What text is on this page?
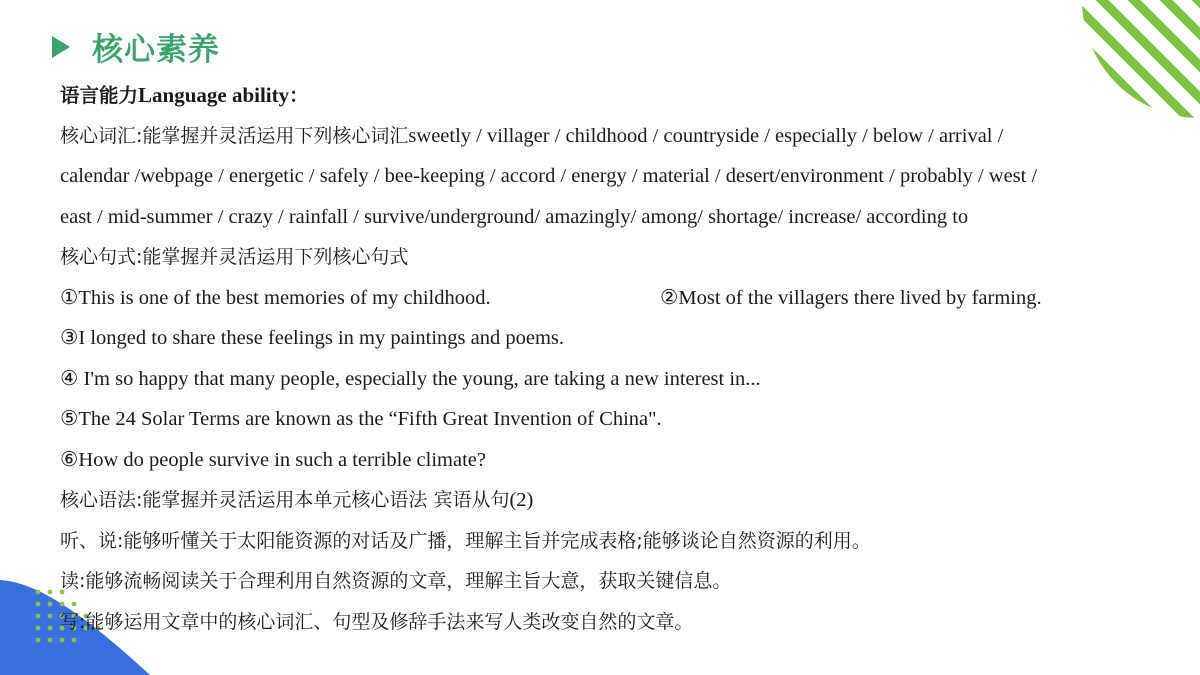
核心素养
语言能力Language ability：
核心词汇:能掌握并灵活运用下列核心词汇sweetly / villager / childhood / countryside / especially / below / arrival /
calendar /webpage / energetic / safely / bee-keeping / accord / energy / material / desert/environment / probably / west /
east / mid-summer / crazy / rainfall / survive/underground/ amazingly/ among/ shortage/ increase/ according to
核心句式:能掌握并灵活运用下列核心句式
①This is one of the best memories of my childhood.	②Most of the villagers there lived by farming.
③I longed to share these feelings in my paintings and poems.
④ I'm so happy that many people, especially the young, are taking a new interest in...
⑤The 24 Solar Terms are known as the “Fifth Great Invention of China".
⑥How do people survive in such a terrible climate?
核心语法:能掌握并灵活运用本单元核心语法 宾语从句(2)
听、说:能够听懂关于太阳能资源的对话及广播，理解主旨并完成表格;能够谈论自然资源的利用。
读:能够流畅阅读关于合理利用自然资源的文章，理解主旨大意，获取关键信息。
写:能够运用文章中的核心词汇、句型及修辞手法来写人类改变自然的文章。
